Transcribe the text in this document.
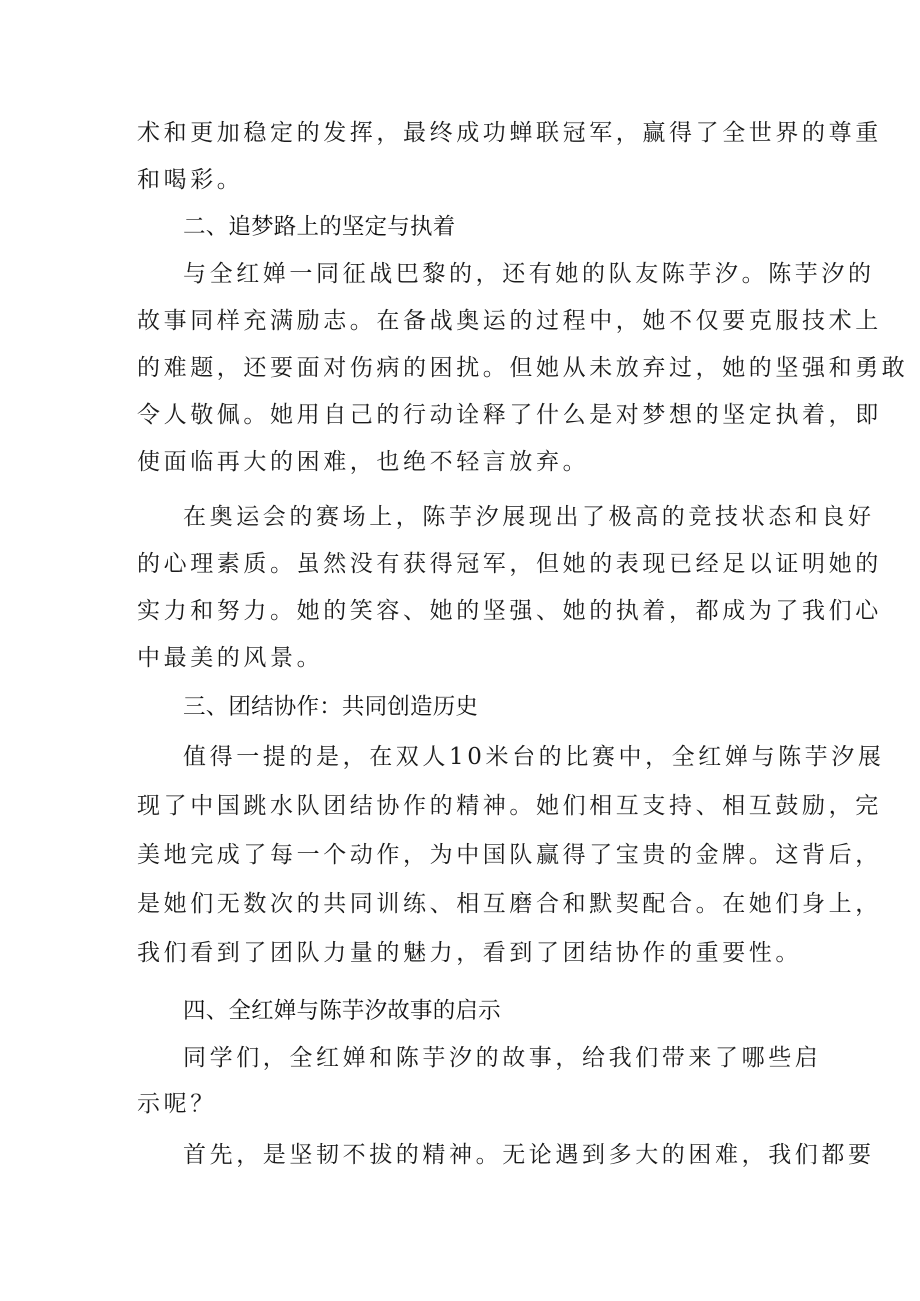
术和更加稳定的发挥，最终成功蝉联冠军，赢得了全世界的尊重
和喝彩。
二、追梦路上的坚定与执着
与全红婵一同征战巴黎的，还有她的队友陈芋汐。陈芋汐的
故事同样充满励志。在备战奥运的过程中，她不仅要克服技术上
的难题，还要面对伤病的困扰。但她从未放弃过，她的坚强和勇敢
令人敬佩。她用自己的行动诠释了什么是对梦想的坚定执着，即
使面临再大的困难，也绝不轻言放弃。
在奥运会的赛场上，陈芋汐展现出了极高的竞技状态和良好
的心理素质。虽然没有获得冠军，但她的表现已经足以证明她的
实力和努力。她的笑容、她的坚强、她的执着，都成为了我们心
中最美的风景。
三、团结协作：共同创造历史
值得一提的是，在双人10米台的比赛中，全红婵与陈芋汐展
现了中国跳水队团结协作的精神。她们相互支持、相互鼓励，完
美地完成了每一个动作，为中国队赢得了宝贵的金牌。这背后，
是她们无数次的共同训练、相互磨合和默契配合。在她们身上，
我们看到了团队力量的魅力，看到了团结协作的重要性。
四、全红婵与陈芋汐故事的启示
同学们，全红婵和陈芋汐的故事，给我们带来了哪些启
示呢？
首先，是坚韧不拔的精神。无论遇到多大的困难，我们都要
